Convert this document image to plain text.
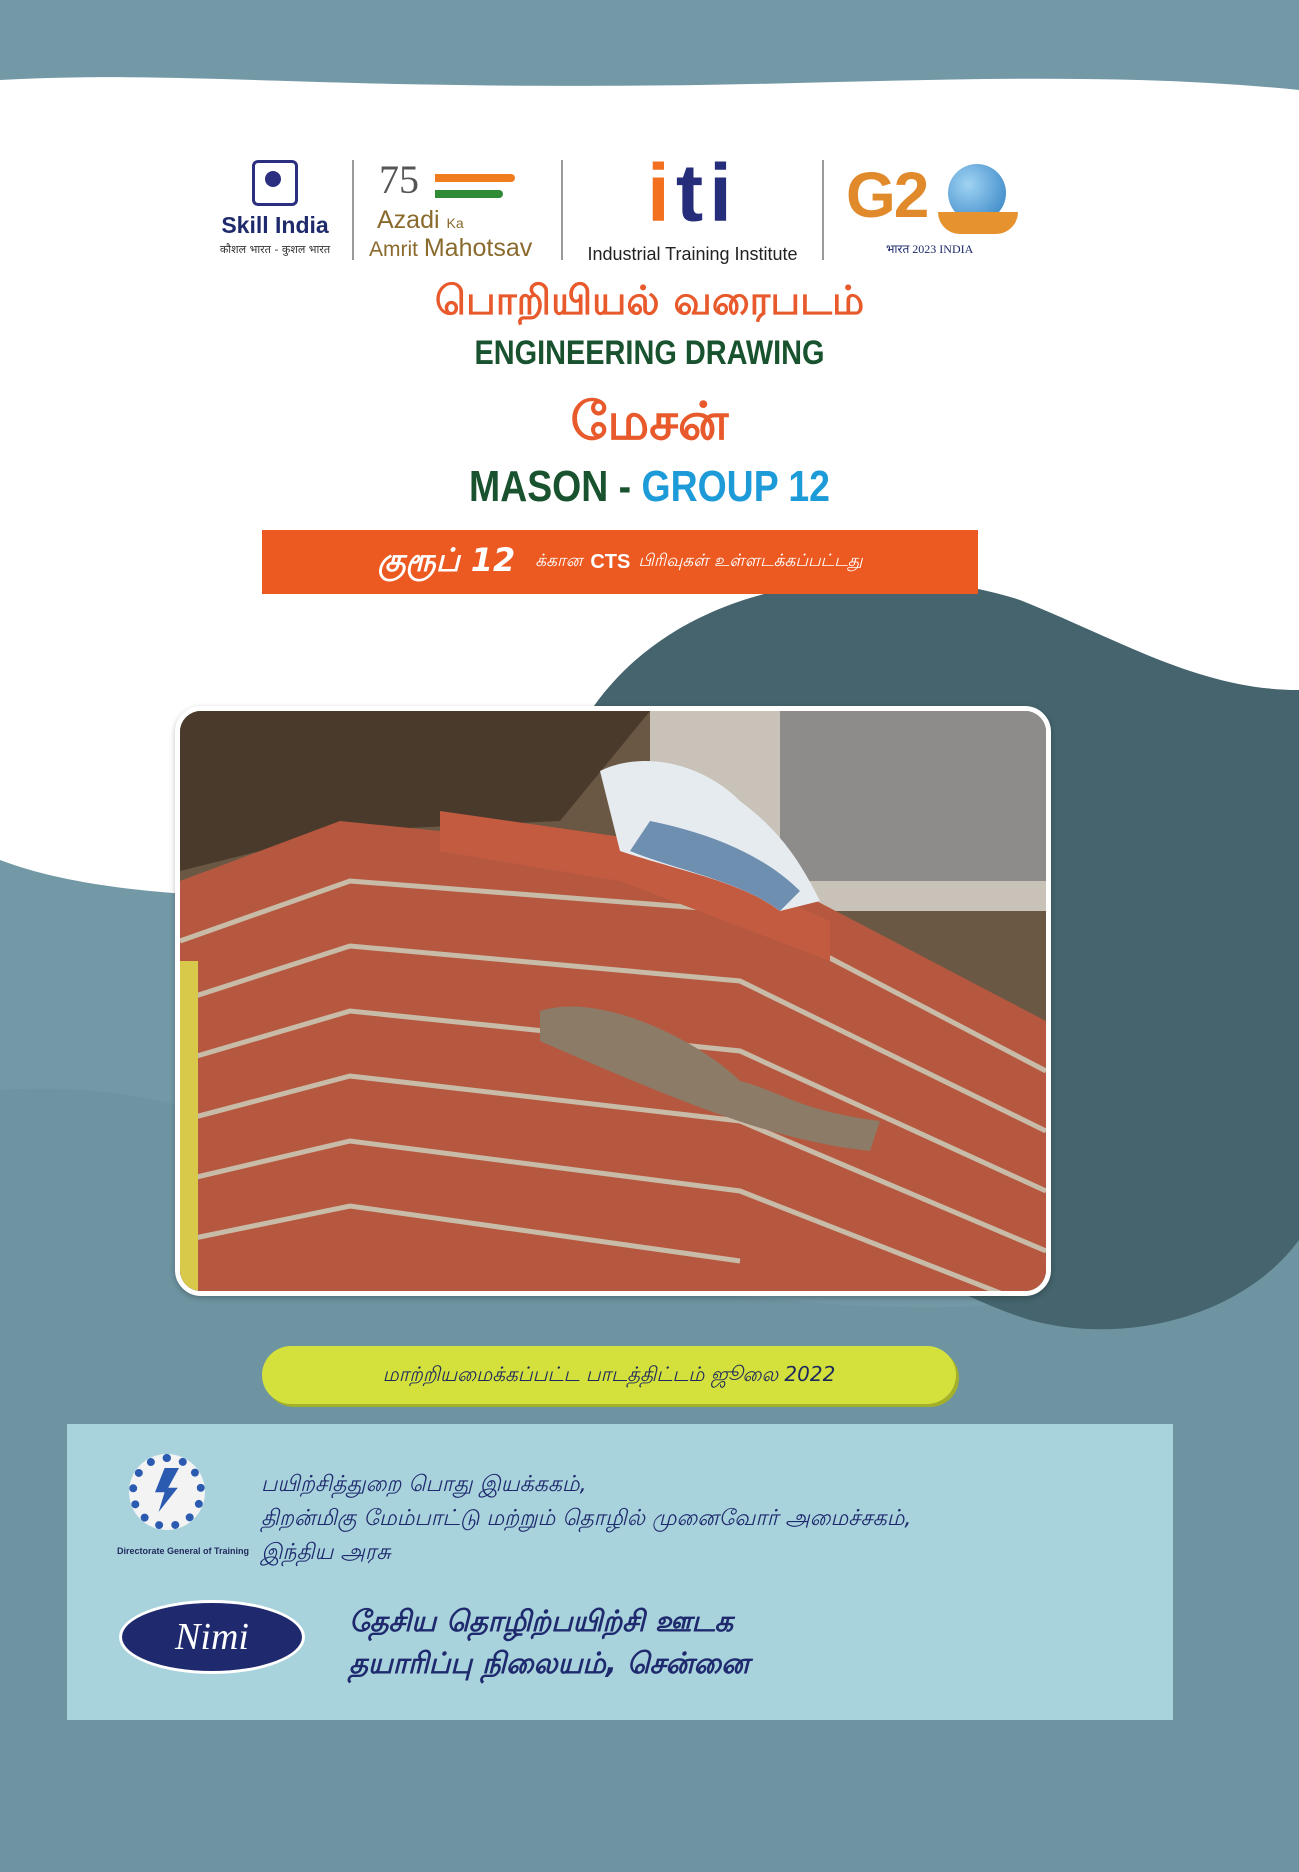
Skill India
कौशल भारत - कुशल भारत
75
Azadi Ka
Amrit Mahotsav
iti
Industrial Training Institute
G2
भारत 2023 INDIA
பொறியியல் வரைபடம்
ENGINEERING DRAWING
மேசன்
MASON - GROUP 12
குரூப் 12 க்கான CTS பிரிவுகள் உள்ளடக்கப்பட்டது
மாற்றியமைக்கப்பட்ட பாடத்திட்டம் ஜூலை 2022
Directorate General of Training
பயிற்சித்துறை பொது இயக்ககம்,
திறன்மிகு மேம்பாட்டு மற்றும் தொழில் முனைவோர் அமைச்சகம்,
இந்திய அரசு
Nimi	தேசிய தொழிற்பயிற்சி ஊடக
தயாரிப்பு நிலையம், சென்னை
